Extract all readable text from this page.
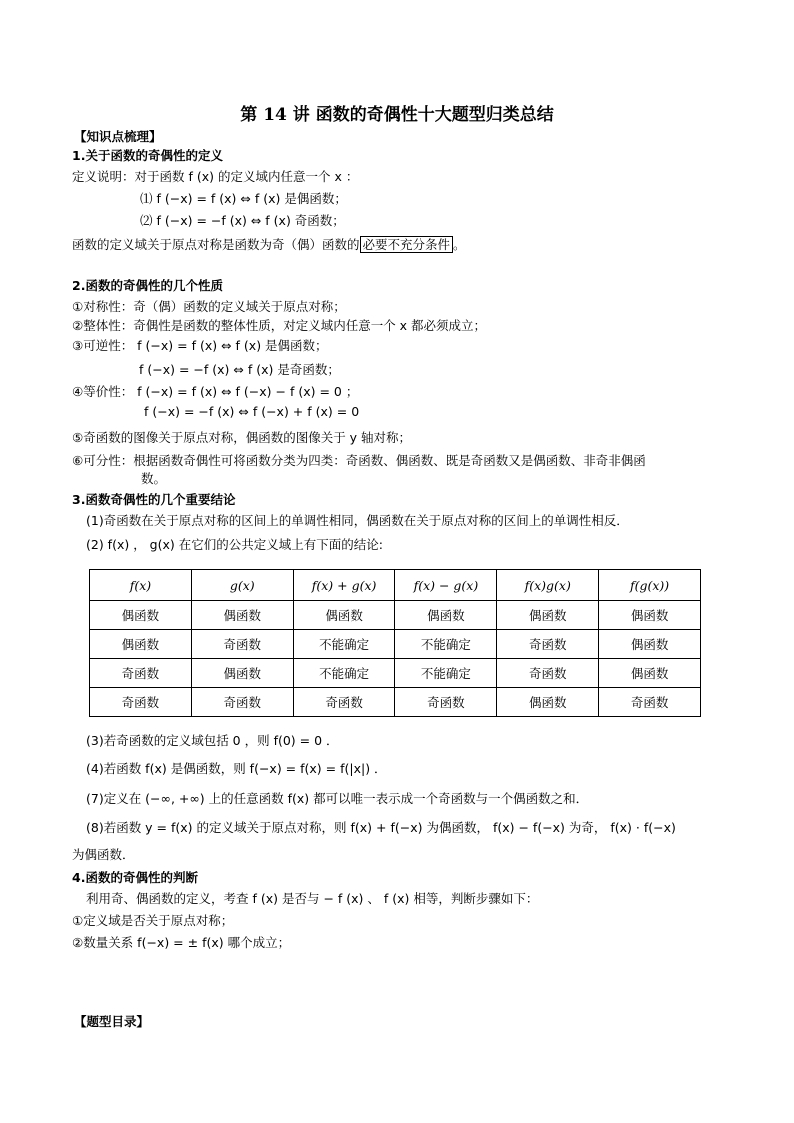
第 14 讲 函数的奇偶性十大题型归类总结
【知识点梳理】
1.关于函数的奇偶性的定义
定义说明：对于函数 f (x) 的定义域内任意一个 x ：
⑴ f (−x) = f (x) ⇔ f (x) 是偶函数；
⑵ f (−x) = −f (x) ⇔ f (x) 奇函数；
函数的定义域关于原点对称是函数为奇（偶）函数的 必要不充分条件 。
2.函数的奇偶性的几个性质
①对称性：奇（偶）函数的定义域关于原点对称；
②整体性：奇偶性是函数的整体性质，对定义域内任意一个 x 都必须成立；
③可逆性： f (−x) = f (x) ⇔ f (x) 是偶函数；
f (−x) = −f (x) ⇔ f (x) 是奇函数；
④等价性： f (−x) = f (x) ⇔ f (−x) − f (x) = 0 ；
f (−x) = −f (x) ⇔ f (−x) + f (x) = 0
⑤奇函数的图像关于原点对称，偶函数的图像关于 y 轴对称；
⑥可分性：根据函数奇偶性可将函数分类为四类：奇函数、偶函数、既是奇函数又是偶函数、非奇非偶函
数。
3.函数奇偶性的几个重要结论
(1)奇函数在关于原点对称的区间上的单调性相同，偶函数在关于原点对称的区间上的单调性相反．
(2) f(x) ， g(x) 在它们的公共定义域上有下面的结论:
f(x)	g(x)	f(x) + g(x)	f(x) − g(x)	f(x)g(x)	f(g(x))
偶函数	偶函数	偶函数	偶函数	偶函数	偶函数
偶函数	奇函数	不能确定	不能确定	奇函数	偶函数
奇函数	偶函数	不能确定	不能确定	奇函数	偶函数
奇函数	奇函数	奇函数	奇函数	偶函数	奇函数
(3)若奇函数的定义域包括 0 ，则 f(0) = 0 ．
(4)若函数 f(x) 是偶函数，则 f(−x) = f(x) = f(|x|) ．
(7)定义在 (−∞, +∞) 上的任意函数 f(x) 都可以唯一表示成一个奇函数与一个偶函数之和．
(8)若函数 y = f(x) 的定义域关于原点对称，则 f(x) + f(−x) 为偶函数， f(x) − f(−x) 为奇， f(x) · f(−x)
为偶函数．
4.函数的奇偶性的判断
利用奇、偶函数的定义，考查 f (x) 是否与 − f (x) 、 f (x) 相等，判断步骤如下：
①定义域是否关于原点对称；
②数量关系 f(−x) = ± f(x) 哪个成立；
【题型目录】
